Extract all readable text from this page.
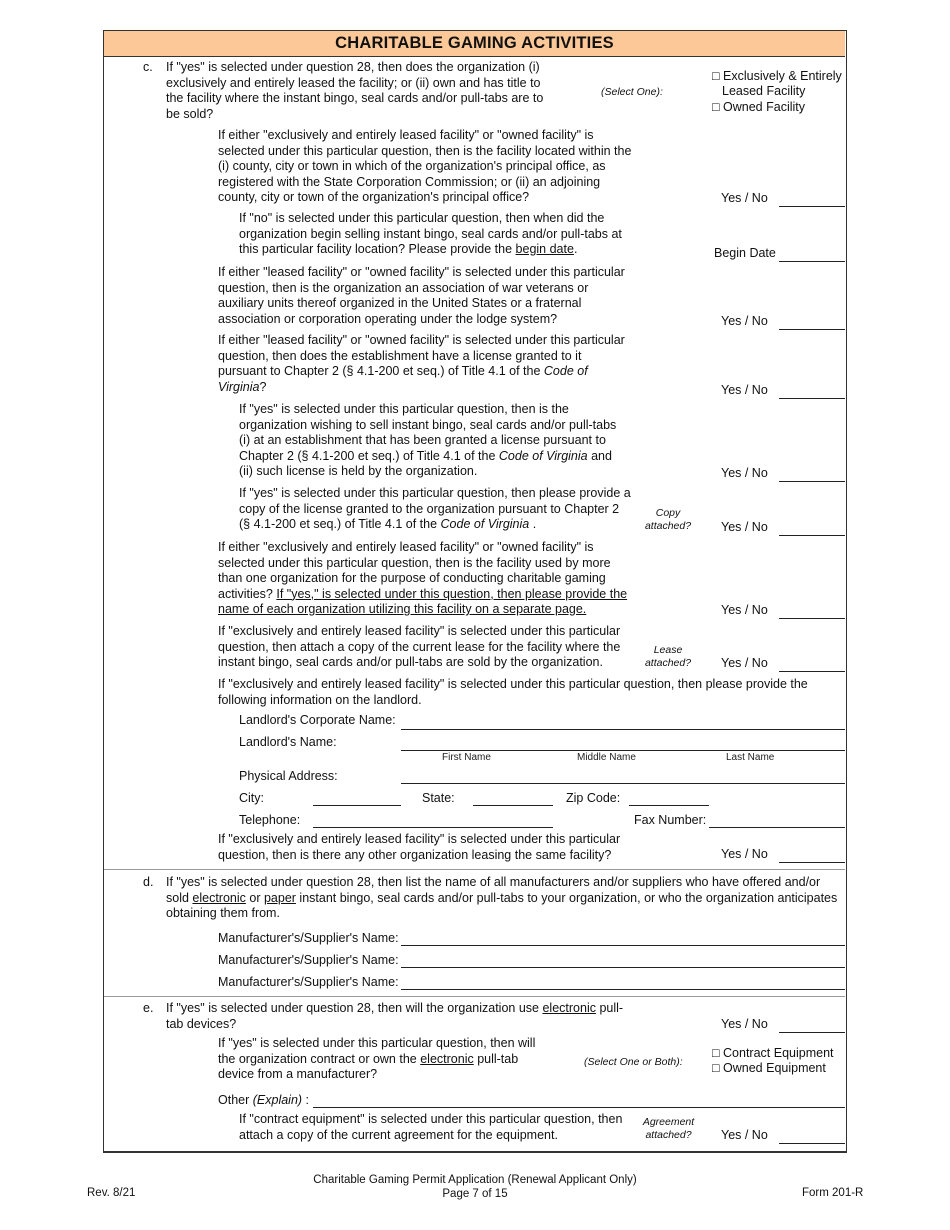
CHARITABLE GAMING ACTIVITIES
c. If "yes" is selected under question 28, then does the organization (i) exclusively and entirely leased the facility; or (ii) own and has title to the facility where the instant bingo, seal cards and/or pull-tabs are to be sold?
(Select One):
□ Exclusively & Entirely
Leased Facility
□ Owned Facility
If either "exclusively and entirely leased facility" or "owned facility" is selected under this particular question, then is the facility located within the (i) county, city or town in which of the organization's principal office, as registered with the State Corporation Commission; or (ii) an adjoining county, city or town of the organization's principal office?	Yes / No
If "no" is selected under this particular question, then when did the organization begin selling instant bingo, seal cards and/or pull-tabs at this particular facility location? Please provide the begin date.	Begin Date
If either "leased facility" or "owned facility" is selected under this particular question, then is the organization an association of war veterans or auxiliary units thereof organized in the United States or a fraternal association or corporation operating under the lodge system?	Yes / No
If either "leased facility" or "owned facility" is selected under this particular question, then does the establishment have a license granted to it pursuant to Chapter 2 (§ 4.1-200 et seq.) of Title 4.1 of the Code of Virginia?	Yes / No
If "yes" is selected under this particular question, then is the organization wishing to sell instant bingo, seal cards and/or pull-tabs (i) at an establishment that has been granted a license pursuant to Chapter 2 (§ 4.1-200 et seq.) of Title 4.1 of the Code of Virginia and (ii) such license is held by the organization.	Yes / No
If "yes" is selected under this particular question, then please provide a copy of the license granted to the organization pursuant to Chapter 2 (§ 4.1-200 et seq.) of Title 4.1 of the Code of Virginia .
Copy attached? Yes / No
If either "exclusively and entirely leased facility" or "owned facility" is selected under this particular question, then is the facility used by more than one organization for the purpose of conducting charitable gaming activities? If "yes," is selected under this question, then please provide the name of each organization utilizing this facility on a separate page.	Yes / No
If "exclusively and entirely leased facility" is selected under this particular question, then attach a copy of the current lease for the facility where the instant bingo, seal cards and/or pull-tabs are sold by the organization.
Lease attached? Yes / No
If "exclusively and entirely leased facility" is selected under this particular question, then please provide the following information on the landlord.
Landlord's Corporate Name:
Landlord's Name:
First Name	Middle Name	Last Name
Physical Address:
City:	State:	Zip Code:
Telephone:	Fax Number:
If "exclusively and entirely leased facility" is selected under this particular question, then is there any other organization leasing the same facility?	Yes / No
d. If "yes" is selected under question 28, then list the name of all manufacturers and/or suppliers who have offered and/or sold electronic or paper instant bingo, seal cards and/or pull-tabs to your organization, or who the organization anticipates obtaining them from.
Manufacturer's/Supplier's Name:
Manufacturer's/Supplier's Name:
Manufacturer's/Supplier's Name:
e. If "yes" is selected under question 28, then will the organization use electronic pull-tab devices?	Yes / No
If "yes" is selected under this particular question, then will the organization contract or own the electronic pull-tab device from a manufacturer?
(Select One or Both):
□ Contract Equipment
□ Owned Equipment
Other (Explain) :
If "contract equipment" is selected under this particular question, then attach a copy of the current agreement for the equipment.
Agreement attached?	Yes / No
Rev. 8/21
Charitable Gaming Permit Application (Renewal Applicant Only)
Page 7 of 15	Form 201-R
